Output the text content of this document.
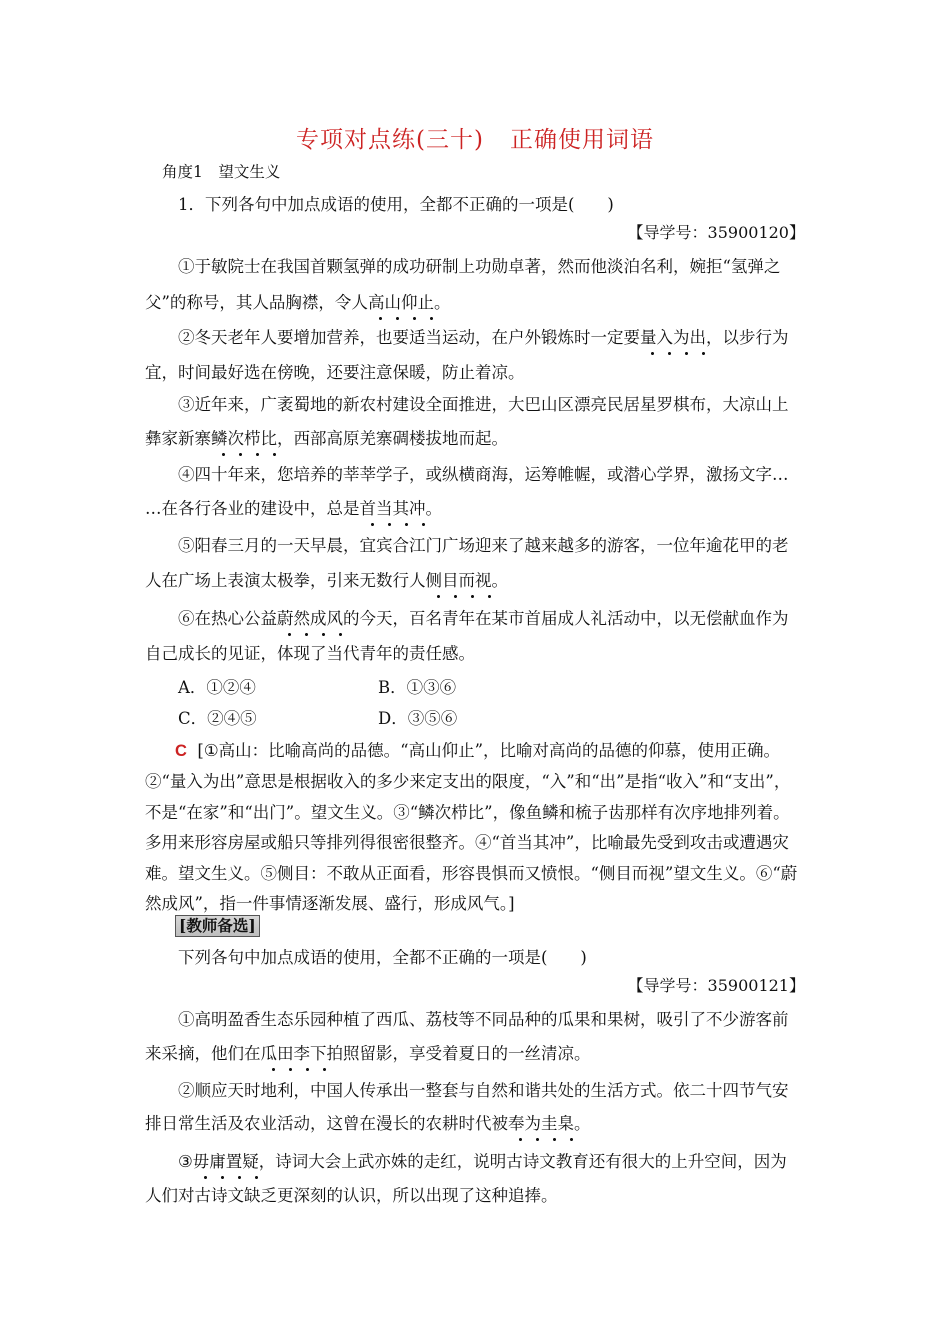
专项对点练(三十) 正确使用词语
角度1　望文生义
1．下列各句中加点成语的使用，全都不正确的一项是(　　)
【导学号：35900120】
①于敏院士在我国首颗氢弹的成功研制上功勋卓著，然而他淡泊名利，婉拒“氢弹之
父”的称号，其人品胸襟，令人高山仰止。
②冬天老年人要增加营养，也要适当运动，在户外锻炼时一定要量入为出，以步行为
宜，时间最好选在傍晚，还要注意保暖，防止着凉。
③近年来，广袤蜀地的新农村建设全面推进，大巴山区漂亮民居星罗棋布，大凉山上
彝家新寨鳞次栉比，西部高原羌寨碉楼拔地而起。
④四十年来，您培养的莘莘学子，或纵横商海，运筹帷幄，或潜心学界，激扬文字…
…在各行各业的建设中，总是首当其冲。
⑤阳春三月的一天早晨，宜宾合江门广场迎来了越来越多的游客，一位年逾花甲的老
人在广场上表演太极拳，引来无数行人侧目而视。
⑥在热心公益蔚然成风的今天，百名青年在某市首届成人礼活动中，以无偿献血作为
自己成长的见证，体现了当代青年的责任感。
A．①②④	B．①③⑥
C．②④⑤	D．③⑤⑥
C [①高山：比喻高尚的品德。“高山仰止”，比喻对高尚的品德的仰慕，使用正确。
②“量入为出”意思是根据收入的多少来定支出的限度，“入”和“出”是指“收入”和“支出”，
不是“在家”和“出门”。望文生义。③“鳞次栉比”，像鱼鳞和梳子齿那样有次序地排列着。
多用来形容房屋或船只等排列得很密很整齐。④“首当其冲”，比喻最先受到攻击或遭遇灾
难。望文生义。⑤侧目：不敢从正面看，形容畏惧而又愤恨。“侧目而视”望文生义。⑥“蔚
然成风”，指一件事情逐渐发展、盛行，形成风气。]
[教师备选]
下列各句中加点成语的使用，全都不正确的一项是(　　)
【导学号：35900121】
①高明盈香生态乐园种植了西瓜、荔枝等不同品种的瓜果和果树，吸引了不少游客前
来采摘，他们在瓜田李下拍照留影，享受着夏日的一丝清凉。
②顺应天时地利，中国人传承出一整套与自然和谐共处的生活方式。依二十四节气安
排日常生活及农业活动，这曾在漫长的农耕时代被奉为圭臬。
③毋庸置疑，诗词大会上武亦姝的走红，说明古诗文教育还有很大的上升空间，因为
人们对古诗文缺乏更深刻的认识，所以出现了这种追捧。
